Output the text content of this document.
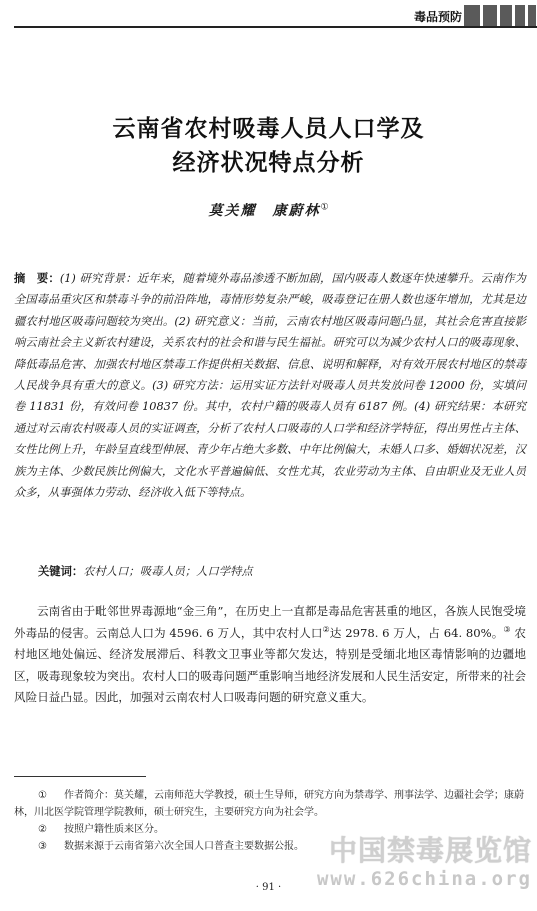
毒品预防
云南省农村吸毒人员人口学及
经济状况特点分析
莫关耀　康蔚林①
摘　要：(1) 研究背景：近年来，随着境外毒品渗透不断加剧，国内吸毒人数逐年快速攀升。云南作为全国毒品重灾区和禁毒斗争的前沿阵地，毒情形势复杂严峻，吸毒登记在册人数也逐年增加，尤其是边疆农村地区吸毒问题较为突出。(2) 研究意义：当前，云南农村地区吸毒问题凸显，其社会危害直接影响云南社会主义新农村建设，关系农村的社会和谐与民生福祉。研究可以为减少农村人口的吸毒现象、降低毒品危害、加强农村地区禁毒工作提供相关数据、信息、说明和解释，对有效开展农村地区的禁毒人民战争具有重大的意义。(3) 研究方法：运用实证方法针对吸毒人员共发放问卷 12000 份，实填问卷 11831 份，有效问卷 10837 份。其中，农村户籍的吸毒人员有 6187 例。(4) 研究结果：本研究通过对云南农村吸毒人员的实证调查，分析了农村人口吸毒的人口学和经济学特征，得出男性占主体、女性比例上升，年龄呈直线型伸展、青少年占绝大多数、中年比例偏大，未婚人口多、婚姻状况差，汉族为主体、少数民族比例偏大，文化水平普遍偏低、女性尤其，农业劳动为主体、自由职业及无业人员众多，从事强体力劳动、经济收入低下等特点。
关键词：农村人口；吸毒人员；人口学特点
云南省由于毗邻世界毒源地“金三角”，在历史上一直都是毒品危害甚重的地区，各族人民饱受境外毒品的侵害。云南总人口为 4596. 6 万人，其中农村人口②达 2978. 6 万人，占 64. 80%。③ 农村地区地处偏远、经济发展滞后、科教文卫事业等都欠发达，特别是受缅北地区毒情影响的边疆地区，吸毒现象较为突出。农村人口的吸毒问题严重影响当地经济发展和人民生活安定，所带来的社会风险日益凸显。因此，加强对云南农村人口吸毒问题的研究意义重大。
① 作者简介：莫关耀，云南师范大学教授，硕士生导师，研究方向为禁毒学、刑事法学、边疆社会学；康蔚林，川北医学院管理学院教师，硕士研究生，主要研究方向为社会学。
② 按照户籍性质来区分。
③ 数据来源于云南省第六次全国人口普查主要数据公报。 中国禁毒展览馆
www.626china.org
· 91 ·
